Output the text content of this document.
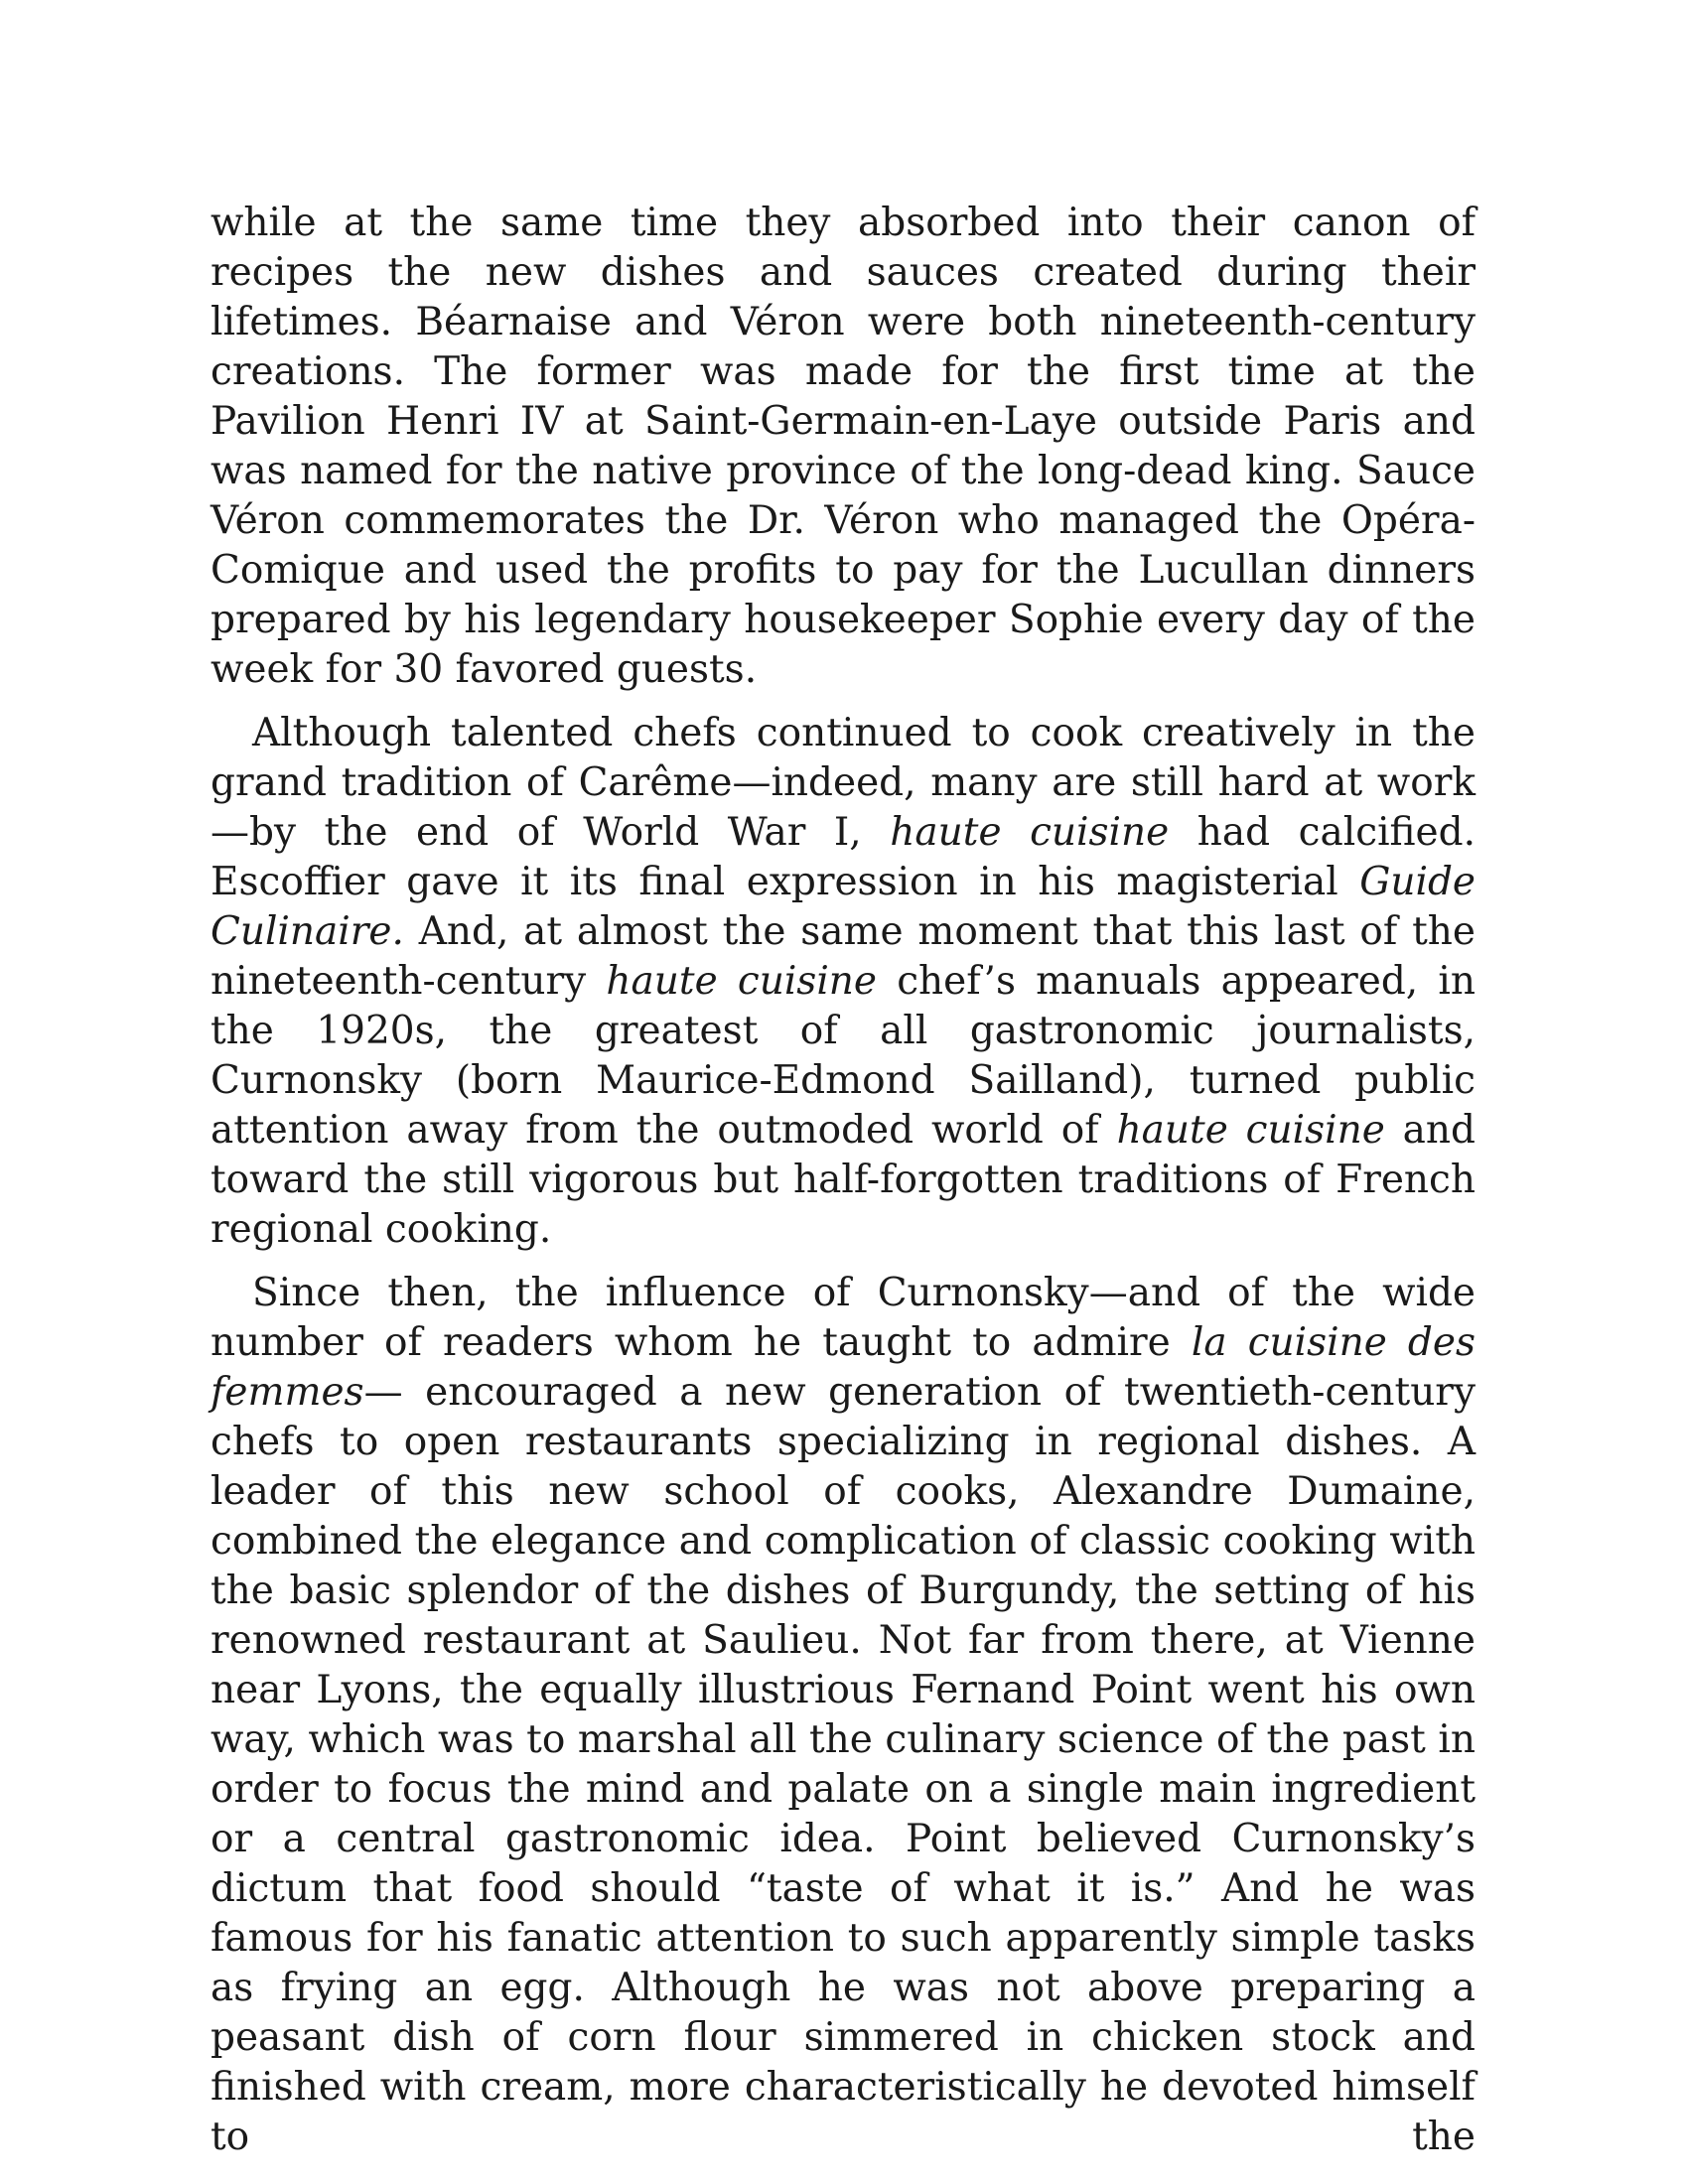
while at the same time they absorbed into their canon of recipes the new dishes and sauces created during their lifetimes. Béarnaise and Véron were both nineteenth-century creations. The former was made for the first time at the Pavilion Henri IV at Saint-Germain-en-Laye outside Paris and was named for the native province of the long-dead king. Sauce Véron commemorates the Dr. Véron who managed the Opéra-Comique and used the profits to pay for the Lucullan dinners prepared by his legendary housekeeper Sophie every day of the week for 30 favored guests.

Although talented chefs continued to cook creatively in the grand tradition of Carême—indeed, many are still hard at work—by the end of World War I, haute cuisine had calcified. Escoffier gave it its final expression in his magisterial Guide Culinaire. And, at almost the same moment that this last of the nineteenth-century haute cuisine chef’s manuals appeared, in the 1920s, the greatest of all gastronomic journalists, Curnonsky (born Maurice-Edmond Sailland), turned public attention away from the outmoded world of haute cuisine and toward the still vigorous but half-forgotten traditions of French regional cooking.

Since then, the influence of Curnonsky—and of the wide number of readers whom he taught to admire la cuisine des femmes— encouraged a new generation of twentieth-century chefs to open restaurants specializing in regional dishes. A leader of this new school of cooks, Alexandre Dumaine, combined the elegance and complication of classic cooking with the basic splendor of the dishes of Burgundy, the setting of his renowned restaurant at Saulieu. Not far from there, at Vienne near Lyons, the equally illustrious Fernand Point went his own way, which was to marshal all the culinary science of the past in order to focus the mind and palate on a single main ingredient or a central gastronomic idea. Point believed Curnonsky’s dictum that food should “taste of what it is.” And he was famous for his fanatic attention to such apparently simple tasks as frying an egg. Although he was not above preparing a peasant dish of corn flour simmered in chicken stock and finished with cream, more characteristically he devoted himself to the
